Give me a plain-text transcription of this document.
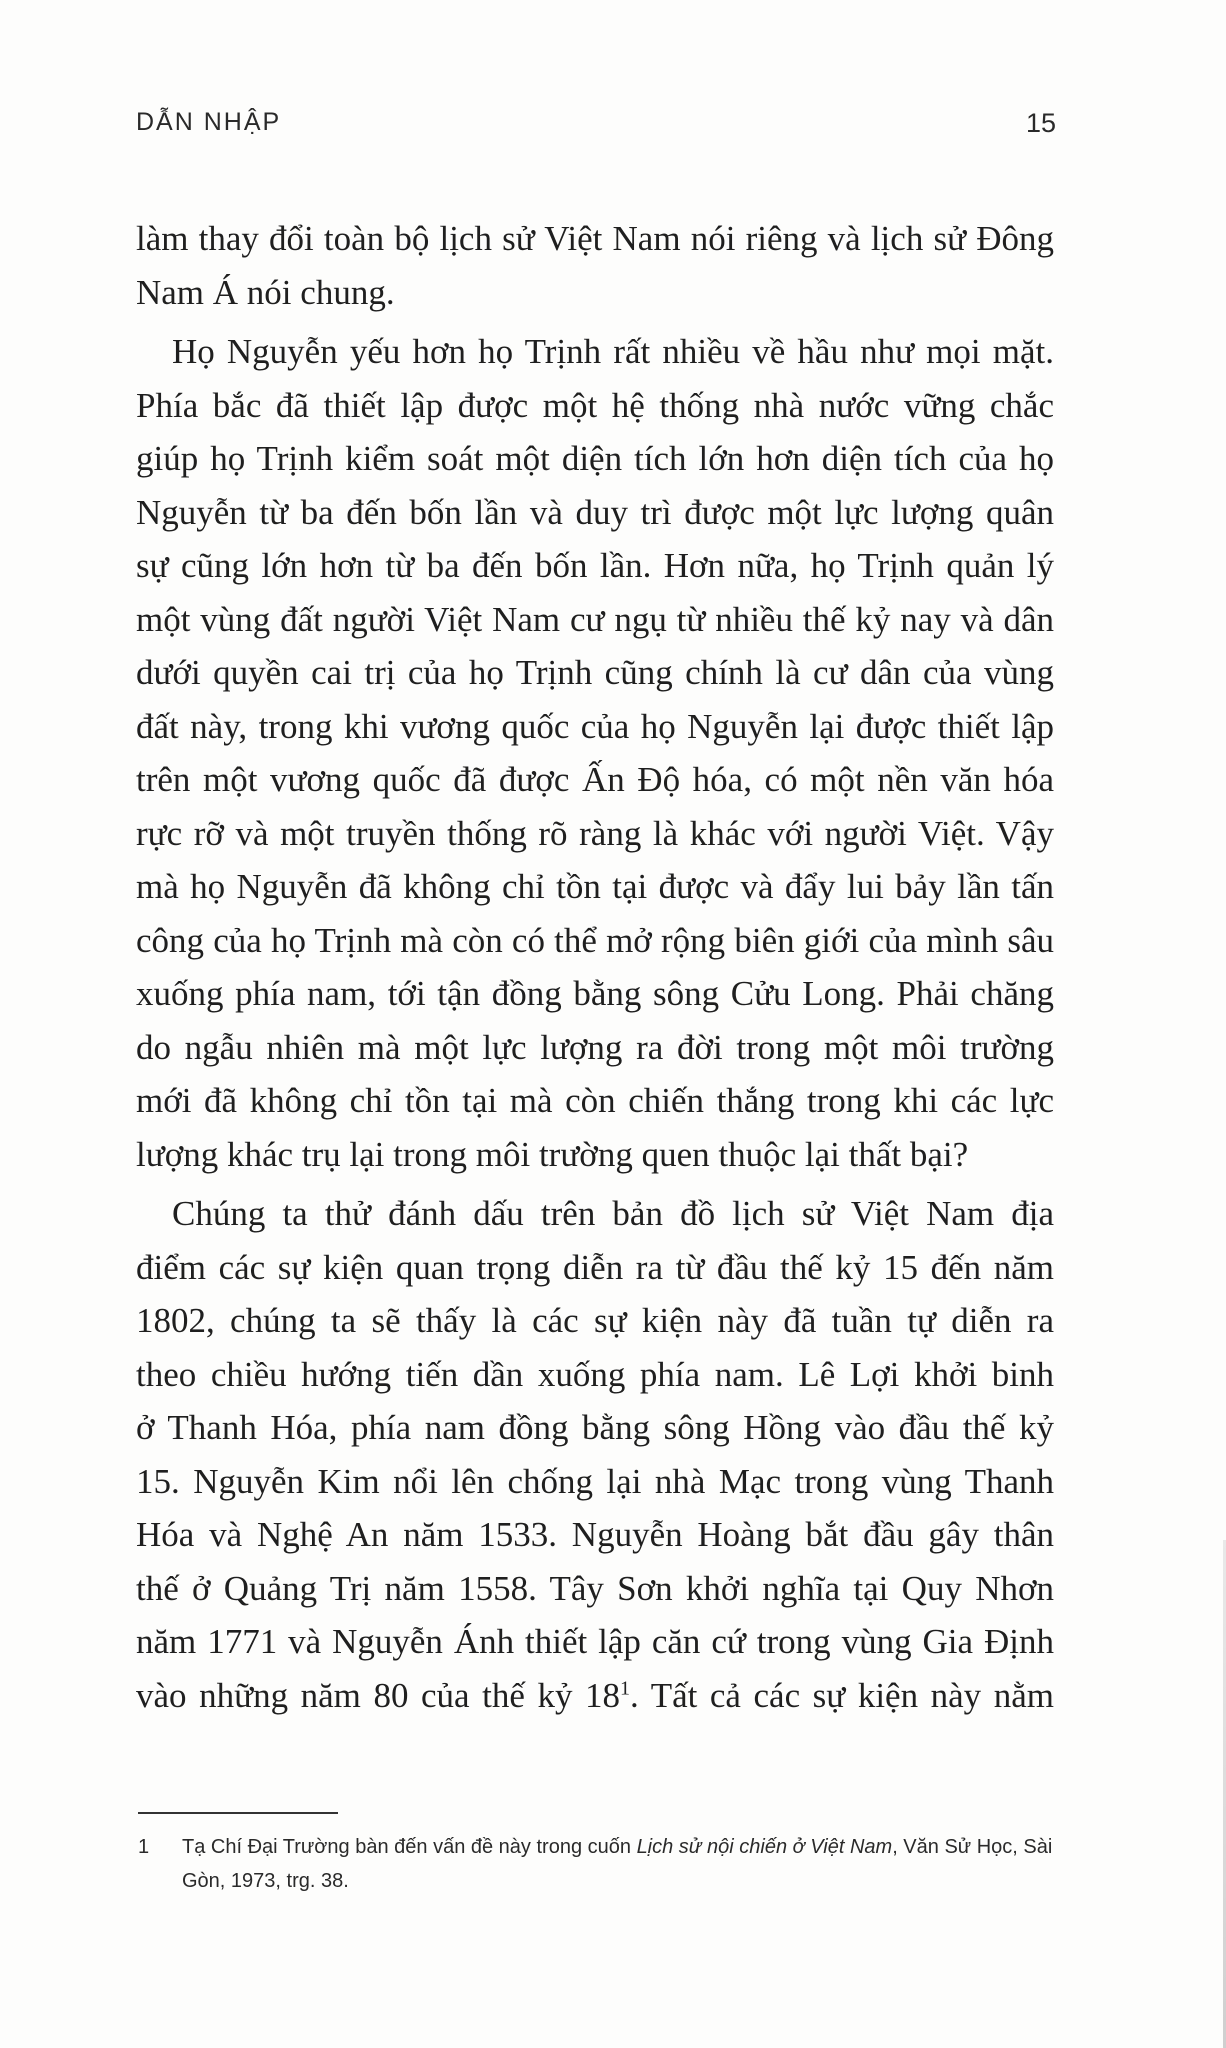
DẪN NHẬP	15
làm thay đổi toàn bộ lịch sử Việt Nam nói riêng và lịch sử Đông
Nam Á nói chung.
Họ Nguyễn yếu hơn họ Trịnh rất nhiều về hầu như mọi mặt.
Phía bắc đã thiết lập được một hệ thống nhà nước vững chắc
giúp họ Trịnh kiểm soát một diện tích lớn hơn diện tích của họ
Nguyễn từ ba đến bốn lần và duy trì được một lực lượng quân
sự cũng lớn hơn từ ba đến bốn lần. Hơn nữa, họ Trịnh quản lý
một vùng đất người Việt Nam cư ngụ từ nhiều thế kỷ nay và dân
dưới quyền cai trị của họ Trịnh cũng chính là cư dân của vùng
đất này, trong khi vương quốc của họ Nguyễn lại được thiết lập
trên một vương quốc đã được Ấn Độ hóa, có một nền văn hóa
rực rỡ và một truyền thống rõ ràng là khác với người Việt. Vậy
mà họ Nguyễn đã không chỉ tồn tại được và đẩy lui bảy lần tấn
công của họ Trịnh mà còn có thể mở rộng biên giới của mình sâu
xuống phía nam, tới tận đồng bằng sông Cửu Long. Phải chăng
do ngẫu nhiên mà một lực lượng ra đời trong một môi trường
mới đã không chỉ tồn tại mà còn chiến thắng trong khi các lực
lượng khác trụ lại trong môi trường quen thuộc lại thất bại?
Chúng ta thử đánh dấu trên bản đồ lịch sử Việt Nam địa
điểm các sự kiện quan trọng diễn ra từ đầu thế kỷ 15 đến năm
1802, chúng ta sẽ thấy là các sự kiện này đã tuần tự diễn ra
theo chiều hướng tiến dần xuống phía nam. Lê Lợi khởi binh
ở Thanh Hóa, phía nam đồng bằng sông Hồng vào đầu thế kỷ
15. Nguyễn Kim nổi lên chống lại nhà Mạc trong vùng Thanh
Hóa và Nghệ An năm 1533. Nguyễn Hoàng bắt đầu gây thân
thế ở Quảng Trị năm 1558. Tây Sơn khởi nghĩa tại Quy Nhơn
năm 1771 và Nguyễn Ánh thiết lập căn cứ trong vùng Gia Định
vào những năm 80 của thế kỷ $18^1$. Tất cả các sự kiện này nằm
1 Tạ Chí Đại Trường bàn đến vấn đề này trong cuốn Lịch sử nội chiến ở Việt Nam, Văn Sử Học, Sài Gòn, 1973, trg. 38.
